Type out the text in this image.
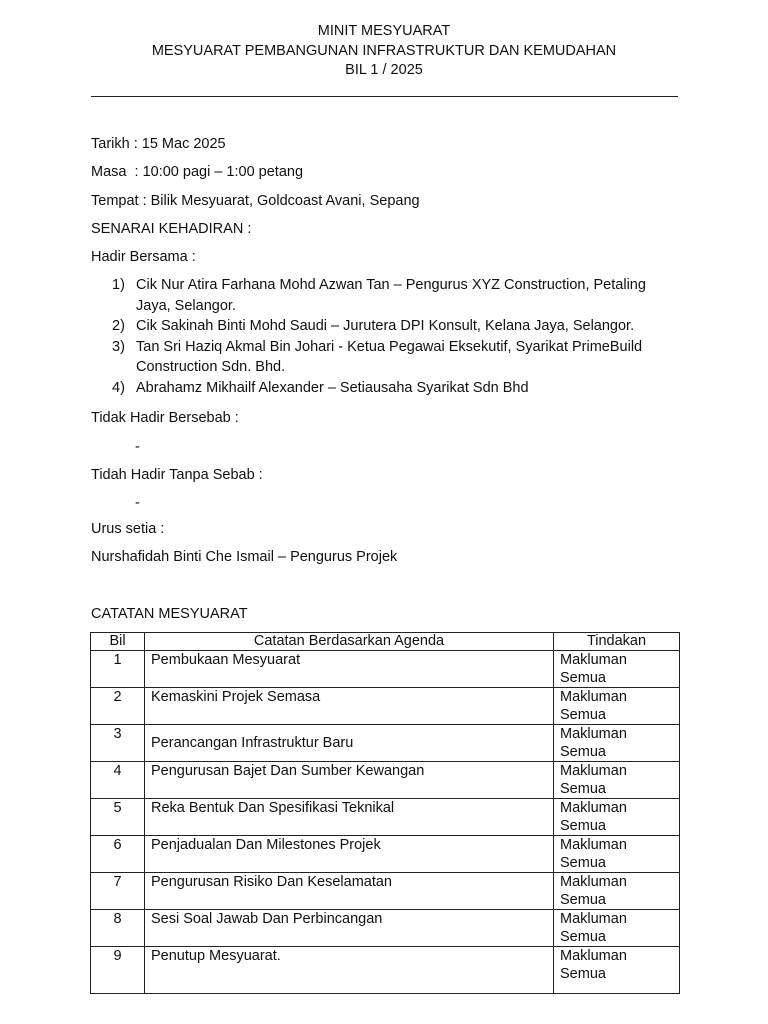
MINIT MESYUARAT
MESYUARAT PEMBANGUNAN INFRASTRUKTUR DAN KEMUDAHAN
BIL 1 / 2025
Tarikh : 15 Mac 2025
Masa  : 10:00 pagi – 1:00 petang
Tempat : Bilik Mesyuarat, Goldcoast Avani, Sepang
SENARAI KEHADIRAN :
Hadir Bersama :
1) Cik Nur Atira Farhana Mohd Azwan Tan – Pengurus XYZ Construction, Petaling
Jaya, Selangor.
2) Cik Sakinah Binti Mohd Saudi – Jurutera DPI Konsult, Kelana Jaya, Selangor.
3) Tan Sri Haziq Akmal Bin Johari - Ketua Pegawai Eksekutif, Syarikat PrimeBuild
Construction Sdn. Bhd.
4) Abrahamz Mikhailf Alexander – Setiausaha Syarikat Sdn Bhd
Tidak Hadir Bersebab :
-
Tidah Hadir Tanpa Sebab :
-
Urus setia :
Nurshafidah Binti Che Ismail – Pengurus Projek
CATATAN MESYUARAT
Bil	Catatan Berdasarkan Agenda	Tindakan
1	Pembukaan Mesyuarat	Makluman
Semua

2	Kemaskini Projek Semasa	Makluman
Semua

3	Perancangan Infrastruktur Baru	Makluman
Semua

4	Pengurusan Bajet Dan Sumber Kewangan	Makluman
Semua

5	Reka Bentuk Dan Spesifikasi Teknikal	Makluman
Semua

6	Penjadualan Dan Milestones Projek	Makluman
Semua

7	Pengurusan Risiko Dan Keselamatan	Makluman
Semua

8	Sesi Soal Jawab Dan Perbincangan	Makluman
Semua

9	Penutup Mesyuarat.	Makluman
Semua
